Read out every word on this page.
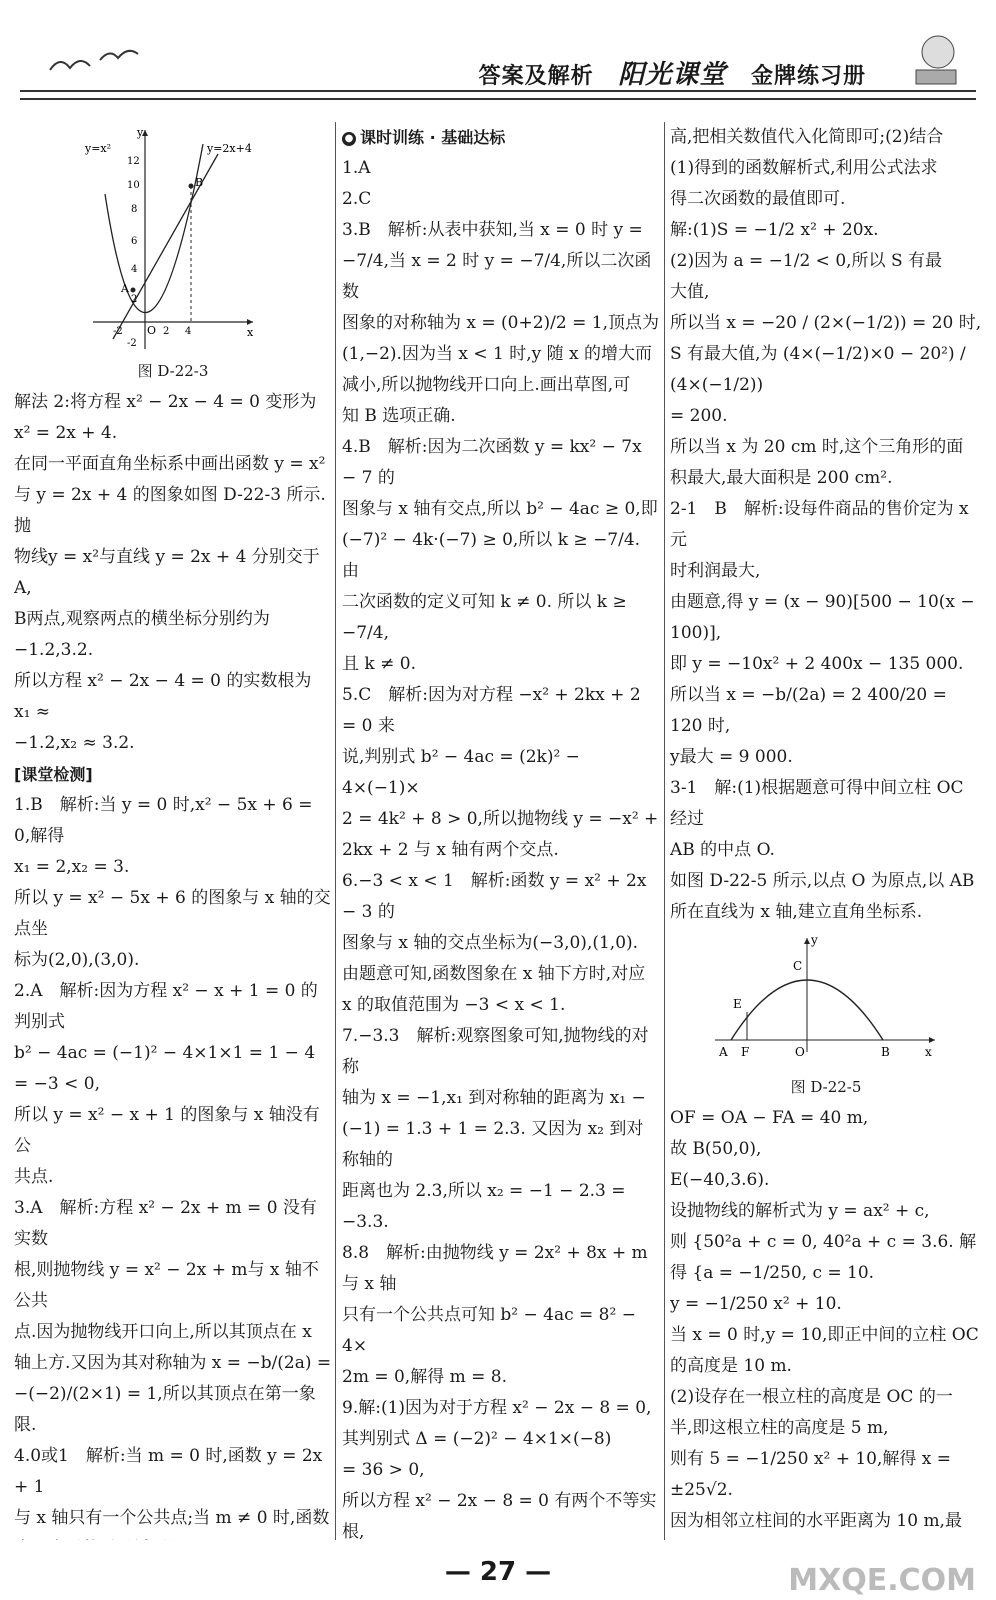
答案及解析 阳光课堂 金牌练习册
y
x
O
y=x²	y=2x+4
A
B
12
10
8
6
4
2
-2
-2	2 4
图 D-22-3
解法 2:将方程 x² − 2x − 4 = 0 变形为
x² = 2x + 4.
在同一平面直角坐标系中画出函数 y = x²
与 y = 2x + 4 的图象如图 D-22-3 所示. 抛
物线y = x²与直线 y = 2x + 4 分别交于 A,
B两点,观察两点的横坐标分别约为
−1.2,3.2.
所以方程 x² − 2x − 4 = 0 的实数根为 x₁ ≈
−1.2,x₂ ≈ 3.2.
[课堂检测]
1.B　解析:当 y = 0 时,x² − 5x + 6 = 0,解得
x₁ = 2,x₂ = 3.
所以 y = x² − 5x + 6 的图象与 x 轴的交点坐
标为(2,0),(3,0).
2.A　解析:因为方程 x² − x + 1 = 0 的判别式
b² − 4ac = (−1)² − 4×1×1 = 1 − 4 = −3 < 0,
所以 y = x² − x + 1 的图象与 x 轴没有公
共点.
3.A　解析:方程 x² − 2x + m = 0 没有实数
根,则抛物线 y = x² − 2x + m与 x 轴不公共
点.因为抛物线开口向上,所以其顶点在 x
轴上方.又因为其对称轴为 x = −b/(2a) =
−(−2)/(2×1) = 1,所以其顶点在第一象限.
4.0或1　解析:当 m = 0 时,函数 y = 2x + 1
与 x 轴只有一个公共点;当 m ≠ 0 时,函数

● 课时训练 · 基础达标
1.A
2.C
3.B　解析:从表中获知,当 x = 0 时 y =
−7/4,当 x = 2 时 y = −7/4,所以二次函数
图象的对称轴为 x = (0+2)/2 = 1,顶点为
(1,−2).因为当 x < 1 时,y 随 x 的增大而
减小,所以抛物线开口向上.画出草图,可
知 B 选项正确.
4.B　解析:因为二次函数 y = kx² − 7x − 7 的
图象与 x 轴有交点,所以 b² − 4ac ≥ 0,即
(−7)² − 4k·(−7) ≥ 0,所以 k ≥ −7/4. 由
二次函数的定义可知 k ≠ 0. 所以 k ≥ −7/4,
且 k ≠ 0.
5.C　解析:因为对方程 −x² + 2kx + 2 = 0 来
说,判别式 b² − 4ac = (2k)² − 4×(−1)×
2 = 4k² + 8 > 0,所以抛物线 y = −x² +
2kx + 2 与 x 轴有两个交点.
6.−3 < x < 1　解析:函数 y = x² + 2x − 3 的
图象与 x 轴的交点坐标为(−3,0),(1,0).
由题意可知,函数图象在 x 轴下方时,对应
x 的取值范围为 −3 < x < 1.
7.−3.3　解析:观察图象可知,抛物线的对称
轴为 x = −1,x₁ 到对称轴的距离为 x₁ −
(−1) = 1.3 + 1 = 2.3. 又因为 x₂ 到对称轴的
距离也为 2.3,所以 x₂ = −1 − 2.3 = −3.3.
8.8　解析:由抛物线 y = 2x² + 8x + m 与 x 轴
只有一个公共点可知 b² − 4ac = 8² − 4×
2m = 0,解得 m = 8.
9.解:(1)因为对于方程 x² − 2x − 8 = 0,
其判别式 Δ = (−2)² − 4×1×(−8)
= 36 > 0,
所以方程 x² − 2x − 8 = 0 有两个不等实根,
高,把相关数值代入化简即可;(2)结合
(1)得到的函数解析式,利用公式法求
得二次函数的最值即可.
解:(1)S = −1/2 x² + 20x.
(2)因为 a = −1/2 < 0,所以 S 有最
大值,
所以当 x = −20 / (2×(−1/2)) = 20 时,
S 有最大值,为 (4×(−1/2)×0 − 20²) / (4×(−1/2))
= 200.
所以当 x 为 20 cm 时,这个三角形的面
积最大,最大面积是 200 cm².
2-1　B　解析:设每件商品的售价定为 x 元
时利润最大,
由题意,得 y = (x − 90)[500 − 10(x −
100)],
即 y = −10x² + 2 400x − 135 000.
所以当 x = −b/(2a) = 2 400/20 = 120 时,
y最大 = 9 000.
3-1　解:(1)根据题意可得中间立柱 OC 经过
AB 的中点 O.
如图 D-22-5 所示,以点 O 为原点,以 AB
所在直线为 x 轴,建立直角坐标系.
y
x
C
E
A F	O	B
图 D-22-5
OF = OA − FA = 40 m,
故 B(50,0),
E(−40,3.6).
设抛物线的解析式为 y = ax² + c,
则 {50²a + c = 0, 40²a + c = 3.6. 解得 {a = −1/250, c = 10.
y = −1/250 x² + 10.
当 x = 0 时,y = 10,即正中间的立柱 OC
的高度是 10 m.
(2)设存在一根立柱的高度是 OC 的一
半,即这根立柱的高度是 5 m,
则有 5 = −1/250 x² + 10,解得 x = ±25√2.
因为相邻立柱间的水平距离为 10 m,最
— 27 —	MXQE.COM
